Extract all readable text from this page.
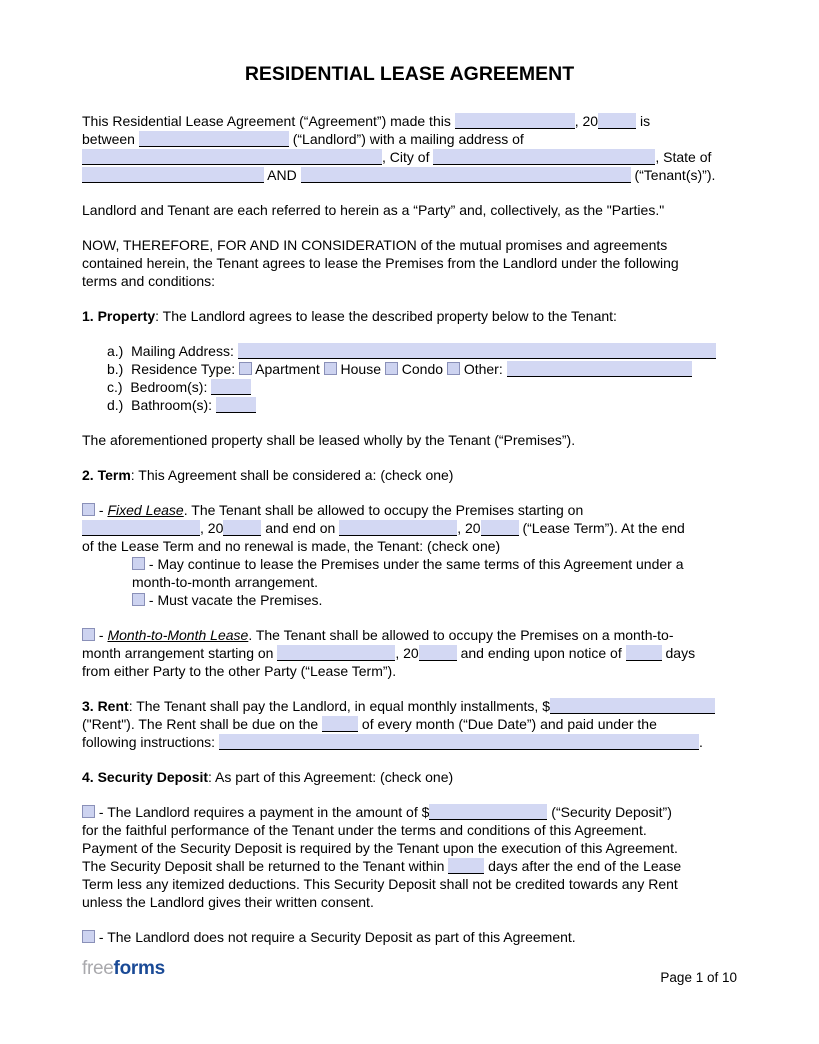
RESIDENTIAL LEASE AGREEMENT
This Residential Lease Agreement (“Agreement”) made this	, 20	is
between	(“Landlord”) with a mailing address of
, City of	, State of
AND	(“Tenant(s)”).
Landlord and Tenant are each referred to herein as a “Party” and, collectively, as the "Parties."
NOW, THEREFORE, FOR AND IN CONSIDERATION of the mutual promises and agreements
contained herein, the Tenant agrees to lease the Premises from the Landlord under the following
terms and conditions:
1. Property: The Landlord agrees to lease the described property below to the Tenant:
a.)  Mailing Address:
b.)  Residence Type:  Apartment  House  Condo  Other:
c.)  Bedroom(s):
d.)  Bathroom(s):
The aforementioned property shall be leased wholly by the Tenant (“Premises”).
2. Term: This Agreement shall be considered a: (check one)
- Fixed Lease. The Tenant shall be allowed to occupy the Premises starting on
, 20	and end on	, 20	(“Lease Term”). At the end
of the Lease Term and no renewal is made, the Tenant: (check one)
- May continue to lease the Premises under the same terms of this Agreement under a
month-to-month arrangement.
- Must vacate the Premises.
- Month-to-Month Lease. The Tenant shall be allowed to occupy the Premises on a month-to-
month arrangement starting on	, 20	and ending upon notice of	days
from either Party to the other Party (“Lease Term”).
3. Rent: The Tenant shall pay the Landlord, in equal monthly installments, $
("Rent"). The Rent shall be due on the	of every month (“Due Date”) and paid under the
following instructions:	.
4. Security Deposit: As part of this Agreement: (check one)
- The Landlord requires a payment in the amount of $	(“Security Deposit”)
for the faithful performance of the Tenant under the terms and conditions of this Agreement.
Payment of the Security Deposit is required by the Tenant upon the execution of this Agreement.
The Security Deposit shall be returned to the Tenant within	days after the end of the Lease
Term less any itemized deductions. This Security Deposit shall not be credited towards any Rent
unless the Landlord gives their written consent.
- The Landlord does not require a Security Deposit as part of this Agreement.
freeforms	Page 1 of 10
